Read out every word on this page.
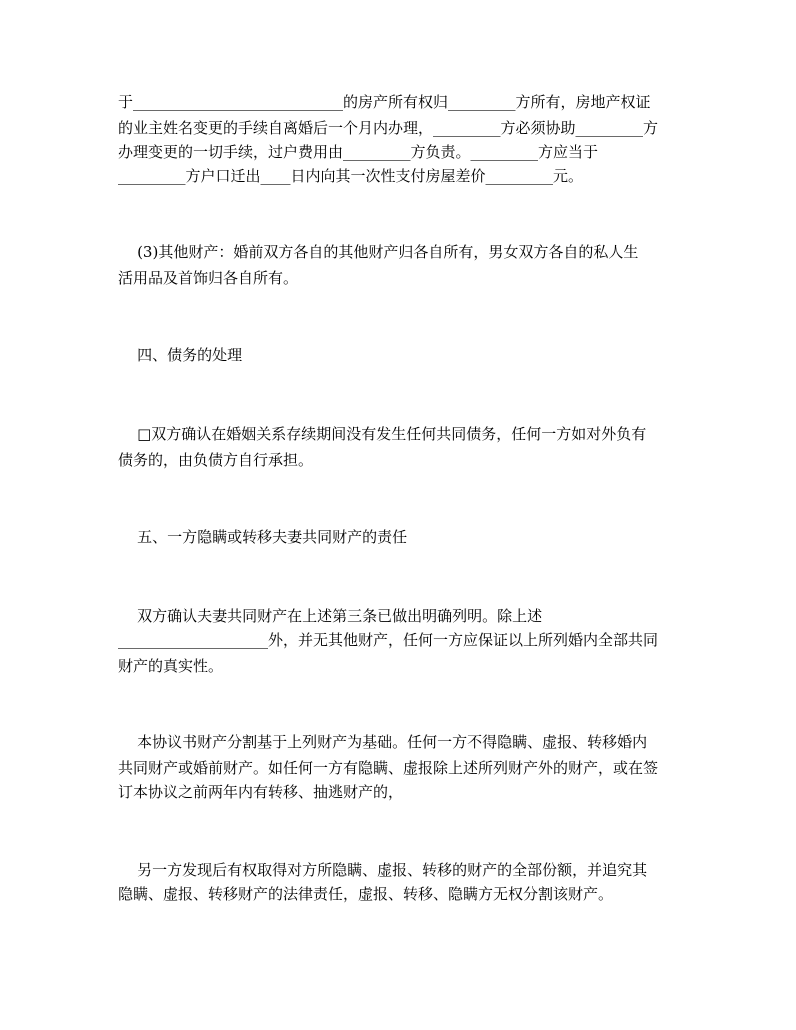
于____________________________的房产所有权归_________方所有，房地产权证
的业主姓名变更的手续自离婚后一个月内办理，_________方必须协助_________方
办理变更的一切手续，过户费用由_________方负责。_________方应当于
_________方户口迁出____日内向其一次性支付房屋差价_________元。
(3)其他财产：婚前双方各自的其他财产归各自所有，男女双方各自的私人生
活用品及首饰归各自所有。
四、债务的处理
□双方确认在婚姻关系存续期间没有发生任何共同债务，任何一方如对外负有
债务的，由负债方自行承担。
五、一方隐瞒或转移夫妻共同财产的责任
双方确认夫妻共同财产在上述第三条已做出明确列明。除上述
____________________外，并无其他财产，任何一方应保证以上所列婚内全部共同
财产的真实性。
本协议书财产分割基于上列财产为基础。任何一方不得隐瞒、虚报、转移婚内
共同财产或婚前财产。如任何一方有隐瞒、虚报除上述所列财产外的财产，或在签
订本协议之前两年内有转移、抽逃财产的，
另一方发现后有权取得对方所隐瞒、虚报、转移的财产的全部份额，并追究其
隐瞒、虚报、转移财产的法律责任，虚报、转移、隐瞒方无权分割该财产。
